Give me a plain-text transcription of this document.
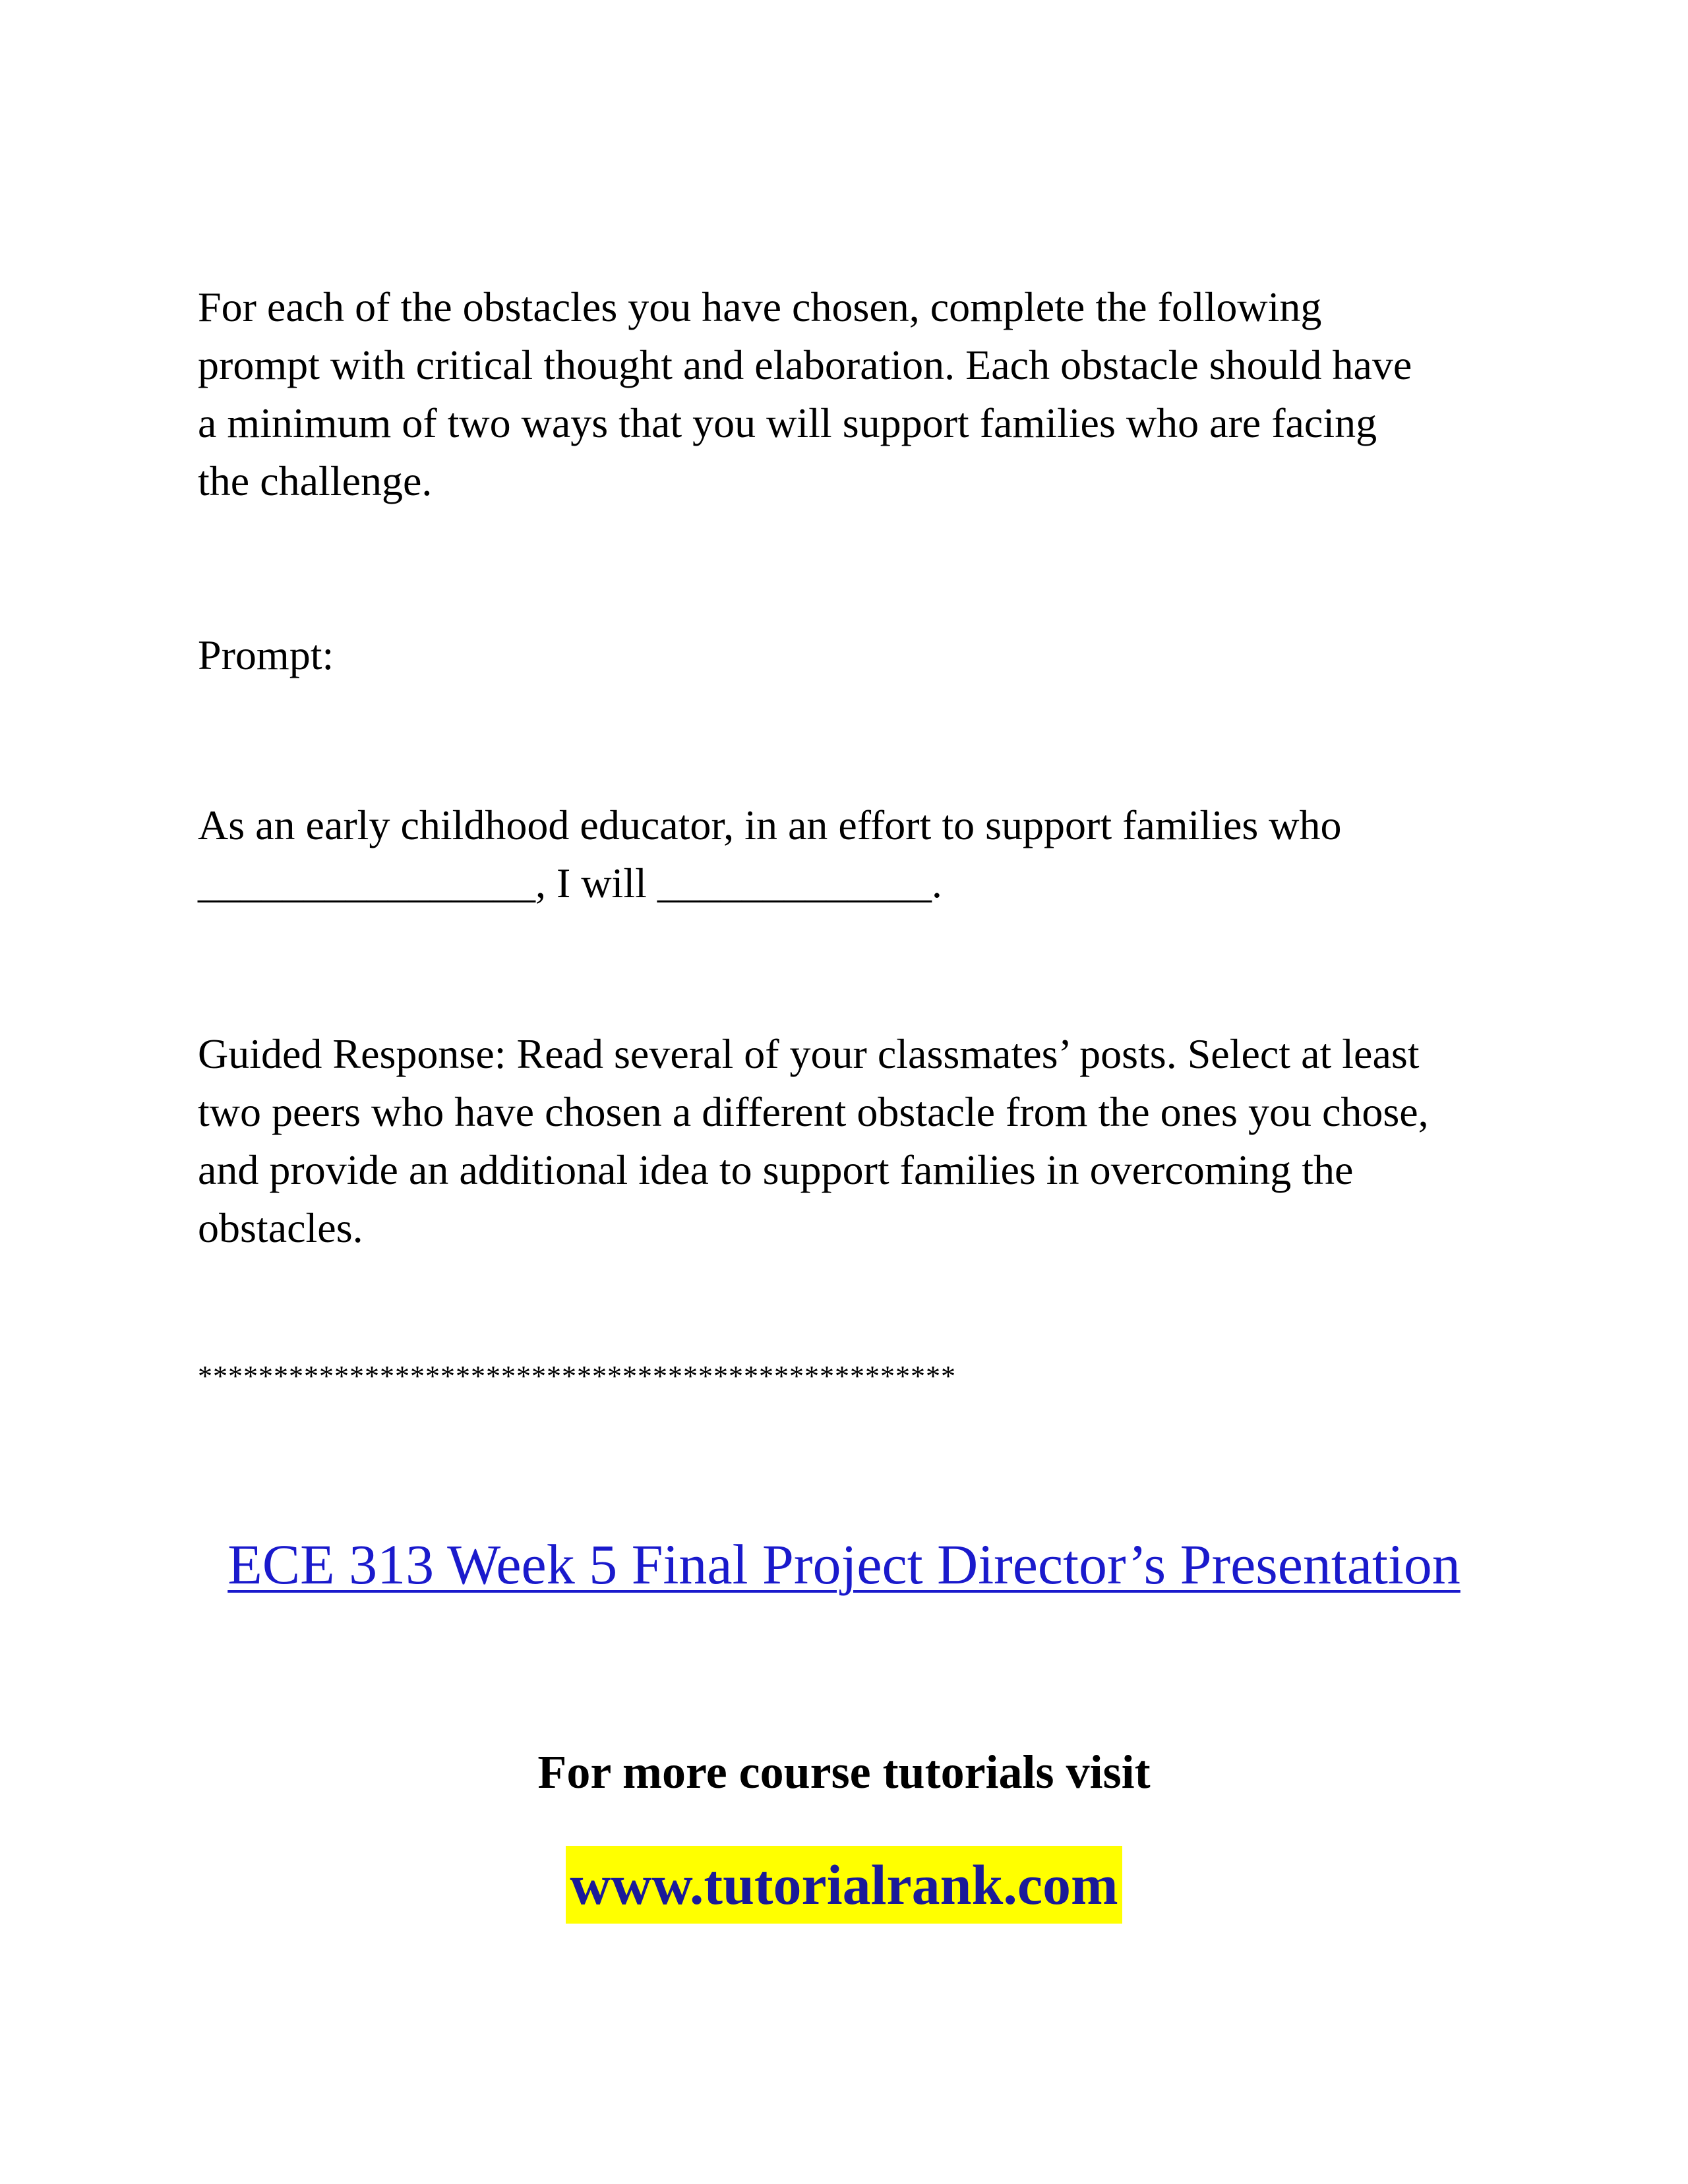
For each of the obstacles you have chosen, complete the following
prompt with critical thought and elaboration. Each obstacle should have
a minimum of two ways that you will support families who are facing
the challenge.

Prompt:

As an early childhood educator, in an effort to support families who
________________, I will _____________.

Guided Response: Read several of your classmates’ posts. Select at least
two peers who have chosen a different obstacle from the ones you chose,
and provide an additional idea to support families in overcoming the
obstacles.

**************************************************

ECE 313 Week 5 Final Project Director’s Presentation
For more course tutorials visit
www.tutorialrank.com
